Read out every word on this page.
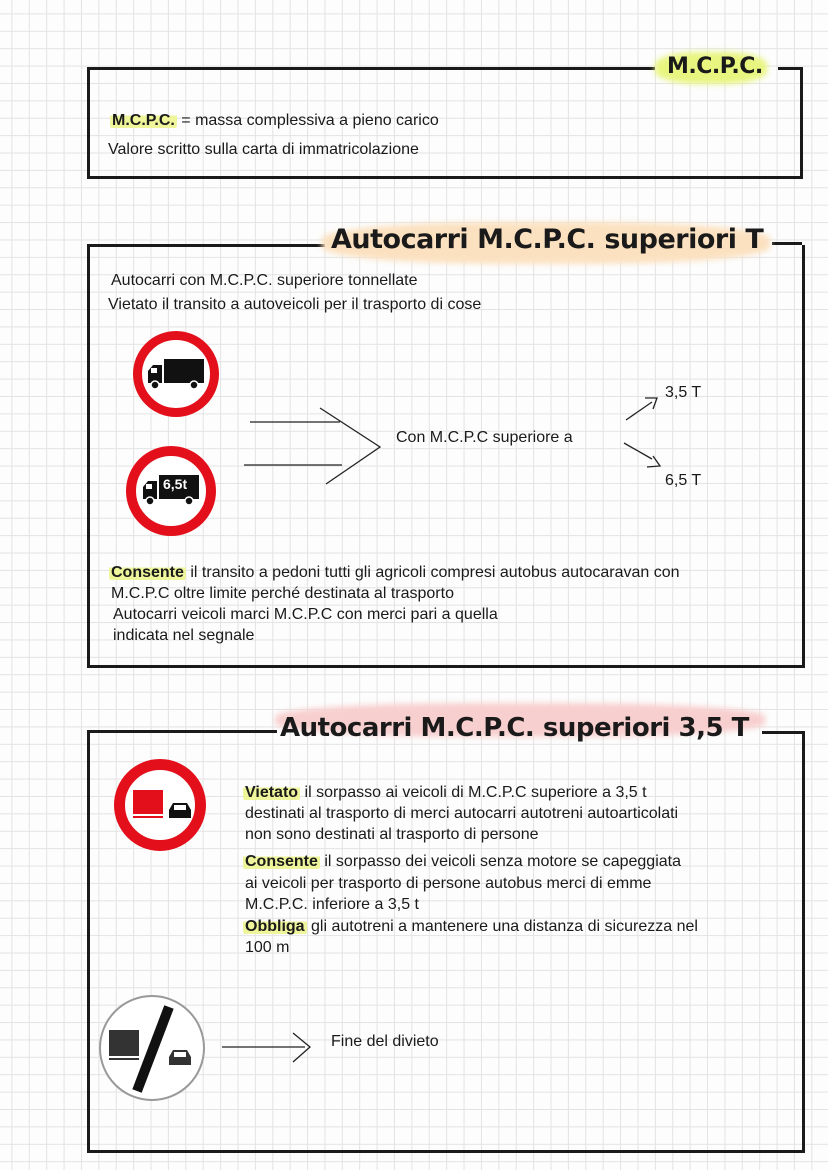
M.C.P.C.
M.C.P.C. = massa complessiva a pieno carico
Valore scritto sulla carta di immatricolazione
Autocarri M.C.P.C. superiori T
Autocarri con M.C.P.C. superiore tonnellate
Vietato il transito a autoveicoli per il trasporto di cose
6,5t
Con M.C.P.C superiore a
3,5 T
6,5 T
Consente il transito a pedoni tutti gli agricoli compresi autobus autocaravan con
M.C.P.C oltre limite perché destinata al trasporto
Autocarri veicoli marci M.C.P.C con merci pari a quella
indicata nel segnale
Autocarri M.C.P.C. superiori 3,5 T
Vietato il sorpasso ai veicoli di M.C.P.C superiore a 3,5 t
destinati al trasporto di merci autocarri autotreni autoarticolati
non sono destinati al trasporto di persone
Consente il sorpasso dei veicoli senza motore se capeggiata
ai veicoli per trasporto di persone autobus merci di emme
M.C.P.C. inferiore a 3,5 t
Obbliga gli autotreni a mantenere una distanza di sicurezza nel
100 m
Fine del divieto
